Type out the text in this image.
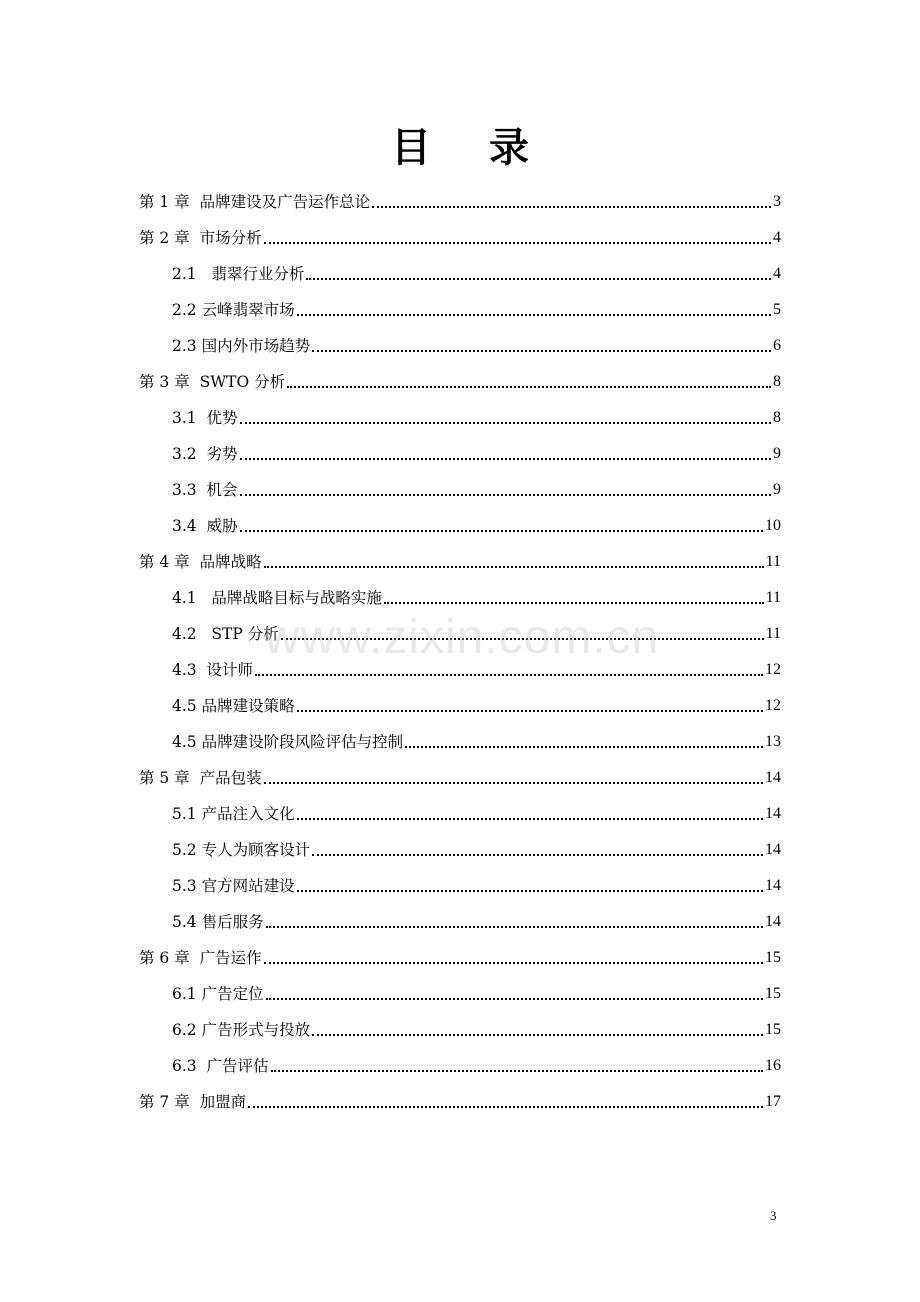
目 录
第 1 章  品牌建设及广告运作总论	3
第 2 章  市场分析	4
2.1   翡翠行业分析	4
2.2 云峰翡翠市场	5
2.3 国内外市场趋势	6
第 3 章  SWTO 分析	8
3.1  优势	8
3.2  劣势	9
3.3  机会	9
3.4  威胁	10
第 4 章  品牌战略	11
4.1   品牌战略目标与战略实施	11
4.2   STP 分析	11
4.3  设计师	12
4.5 品牌建设策略	12
4.5 品牌建设阶段风险评估与控制	13
第 5 章  产品包装	14
5.1 产品注入文化	14
5.2 专人为顾客设计	14
5.3 官方网站建设	14
5.4 售后服务	14
第 6 章  广告运作	15
6.1 广告定位	15
6.2 广告形式与投放	15
6.3  广告评估	16
第 7 章  加盟商	17
www.zixin.com.cn
3
